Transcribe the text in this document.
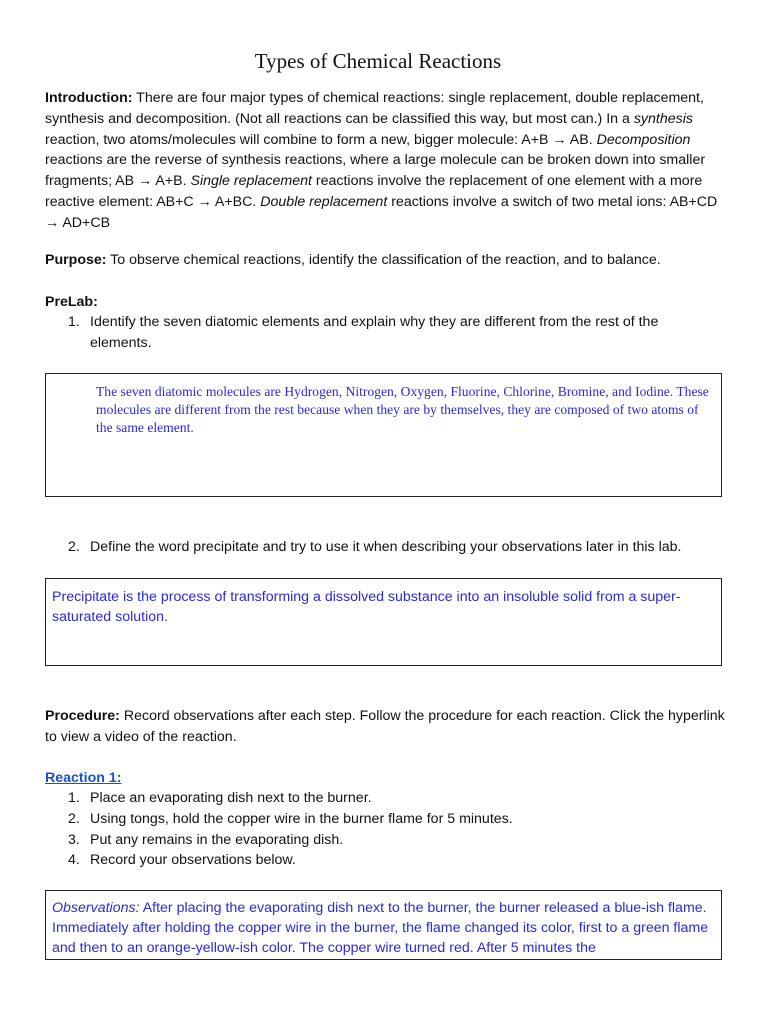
Types of Chemical Reactions
Introduction: There are four major types of chemical reactions: single replacement, double replacement, synthesis and decomposition. (Not all reactions can be classified this way, but most can.) In a synthesis reaction, two atoms/molecules will combine to form a new, bigger molecule: A+B → AB. Decomposition reactions are the reverse of synthesis reactions, where a large molecule can be broken down into smaller fragments; AB → A+B. Single replacement reactions involve the replacement of one element with a more reactive element: AB+C → A+BC. Double replacement reactions involve a switch of two metal ions: AB+CD → AD+CB
Purpose: To observe chemical reactions, identify the classification of the reaction, and to balance.
PreLab:
1. Identify the seven diatomic elements and explain why they are different from the rest of the elements.
The seven diatomic molecules are Hydrogen, Nitrogen, Oxygen, Fluorine, Chlorine, Bromine, and Iodine. These molecules are different from the rest because when they are by themselves, they are composed of two atoms of the same element.
2. Define the word precipitate and try to use it when describing your observations later in this lab.
Precipitate is the process of transforming a dissolved substance into an insoluble solid from a super-saturated solution.
Procedure: Record observations after each step. Follow the procedure for each reaction. Click the hyperlink to view a video of the reaction.
Reaction 1:
1. Place an evaporating dish next to the burner.
2. Using tongs, hold the copper wire in the burner flame for 5 minutes.
3. Put any remains in the evaporating dish.
4. Record your observations below.
Observations: After placing the evaporating dish next to the burner, the burner released a blue-ish flame. Immediately after holding the copper wire in the burner, the flame changed its color, first to a green flame and then to an orange-yellow-ish color. The copper wire turned red. After 5 minutes the
